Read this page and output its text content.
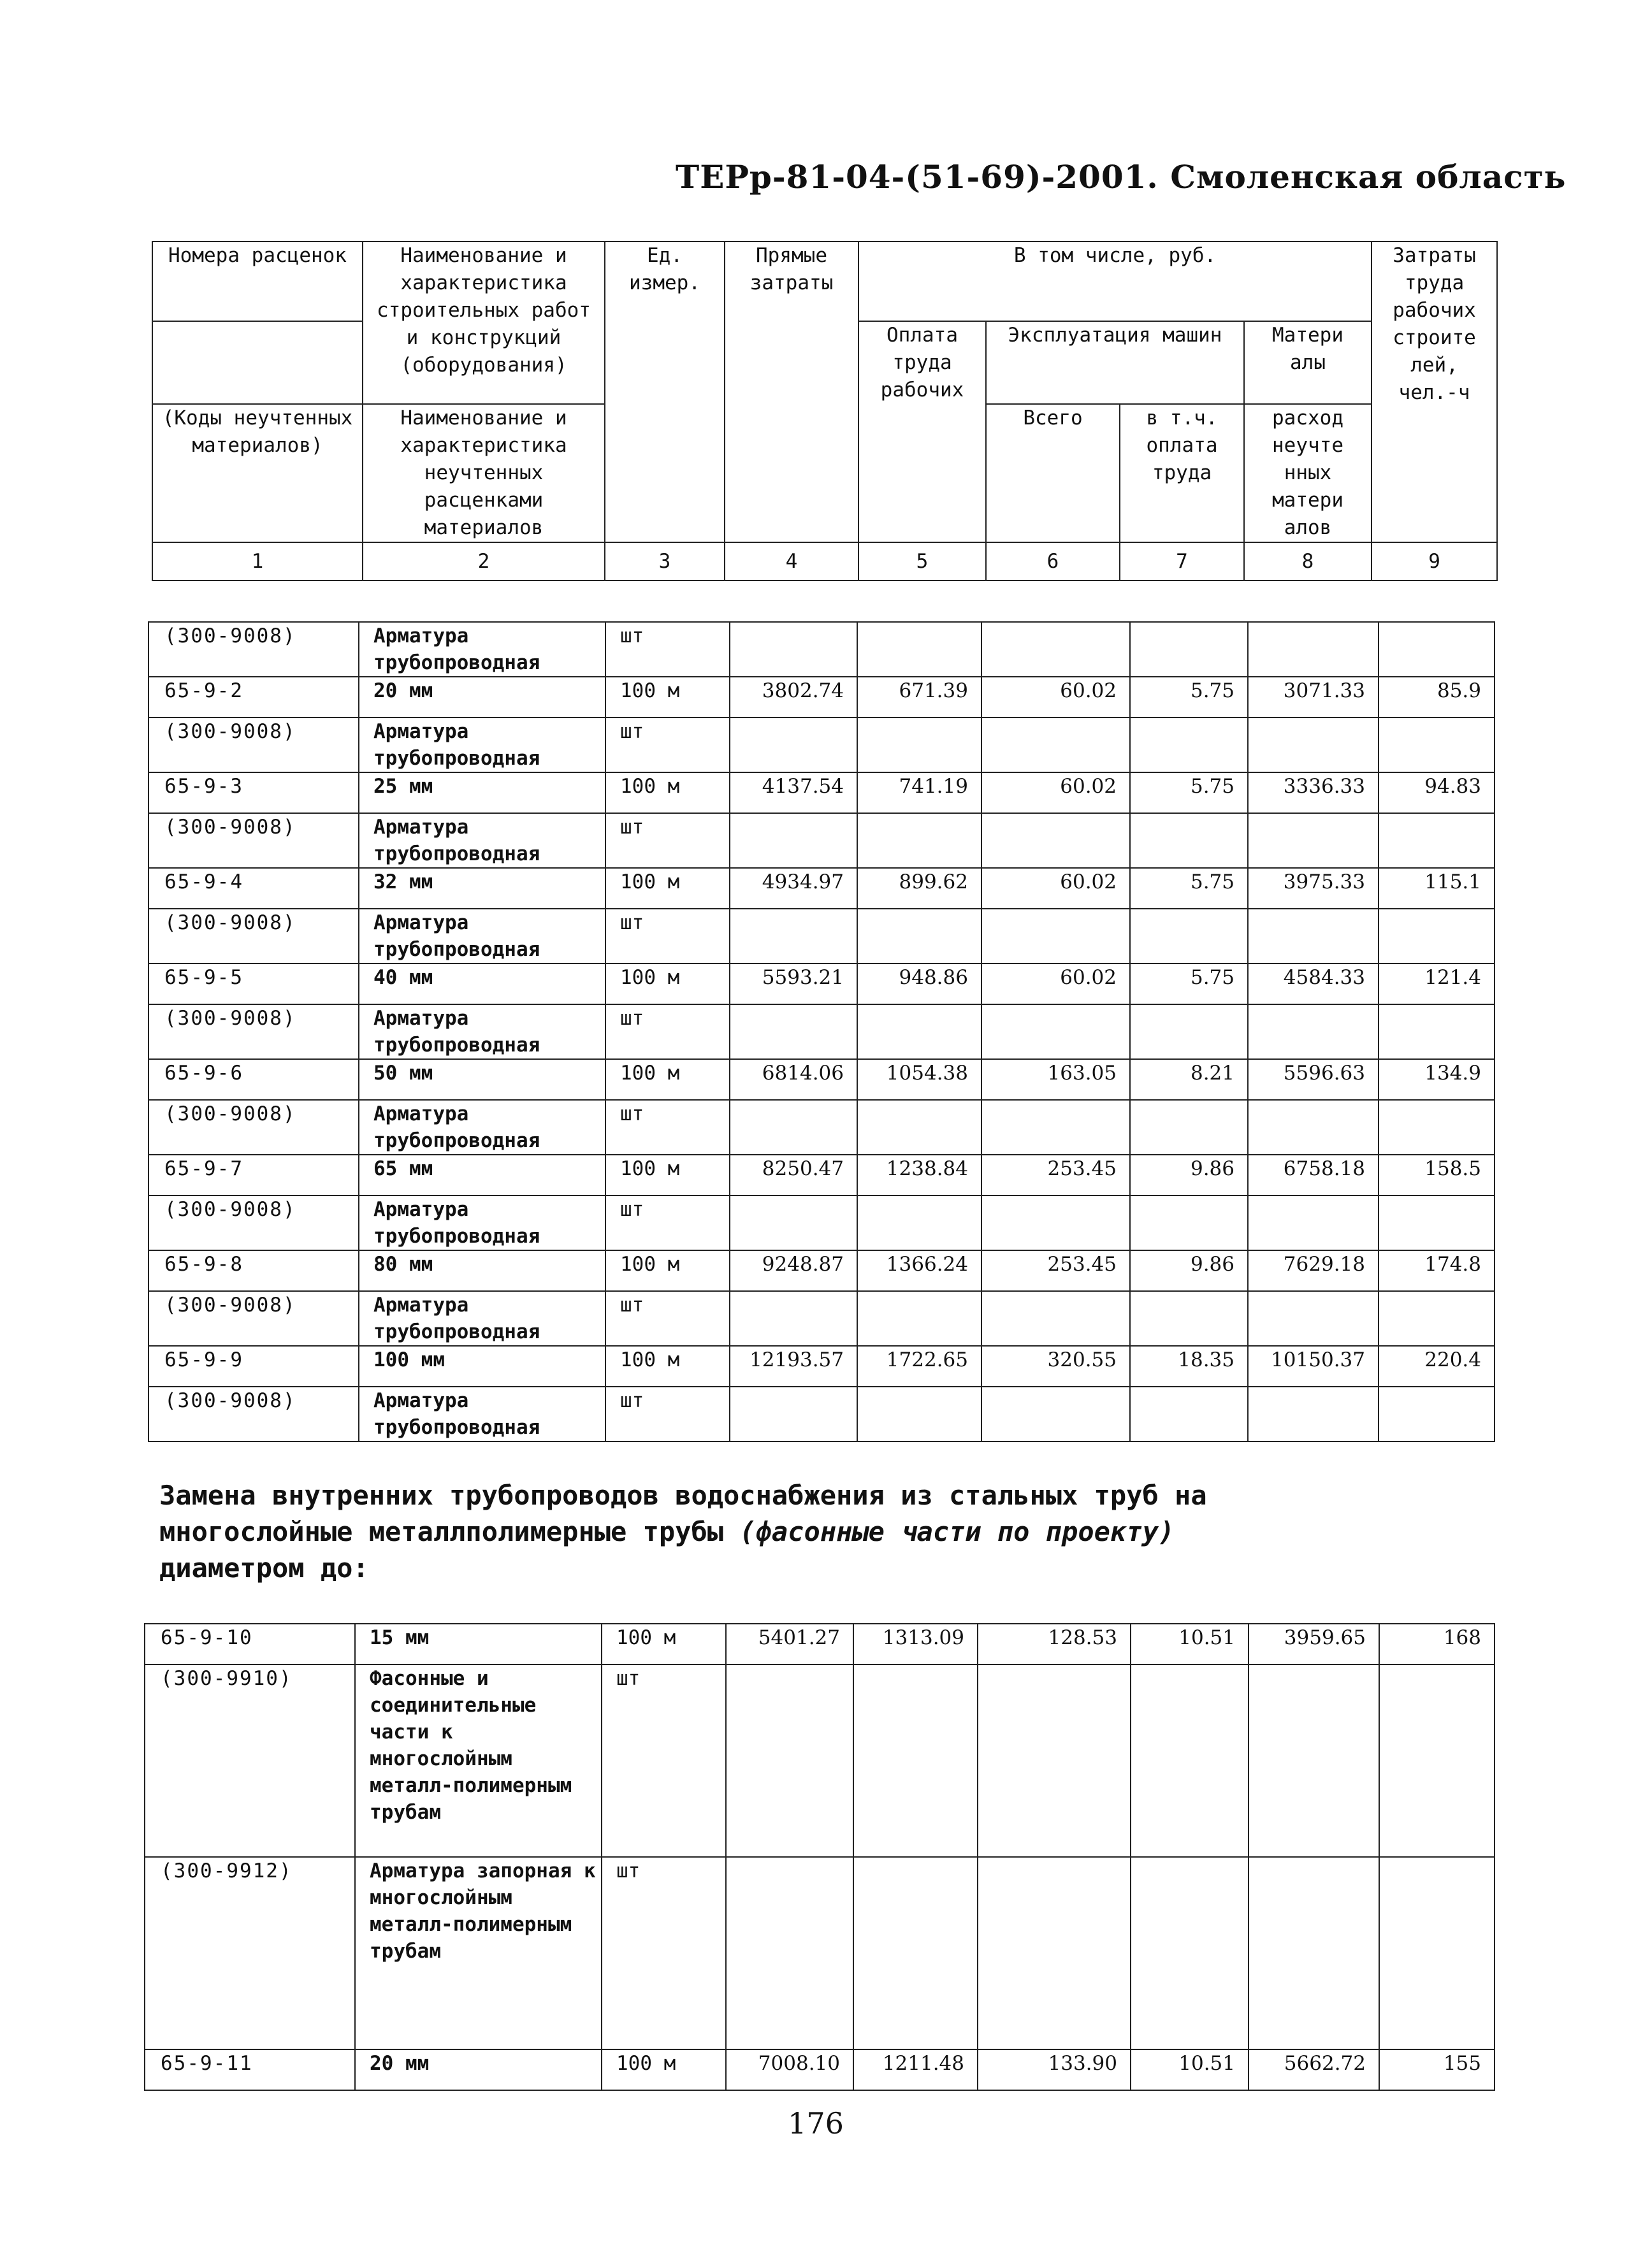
ТЕРр-81-04-(51-69)-2001. Смоленская область
Номера расценок	Наименование и характеристика строительных работ и конструкций (оборудования)	Ед. измер.	Прямые затраты	В том числе, руб.				Затраты труда рабочих строите лей, чел.-ч
				Оплата труда рабочих	Эксплуатация машин		Матери алы	
(Коды неучтенных материалов)	Наименование и характеристика неучтенных расценками материалов				Всего	в т.ч. оплата труда	расход неучте нных матери алов	
1	2	3	4	5	6	7	8	9
(300-9008)	Арматура трубопроводная	шт						
65-9-2	20 мм	100 м	3802.74	671.39	60.02	5.75	3071.33	85.9
(300-9008)	Арматура трубопроводная	шт						
65-9-3	25 мм	100 м	4137.54	741.19	60.02	5.75	3336.33	94.83
(300-9008)	Арматура трубопроводная	шт						
65-9-4	32 мм	100 м	4934.97	899.62	60.02	5.75	3975.33	115.1
(300-9008)	Арматура трубопроводная	шт						
65-9-5	40 мм	100 м	5593.21	948.86	60.02	5.75	4584.33	121.4
(300-9008)	Арматура трубопроводная	шт						
65-9-6	50 мм	100 м	6814.06	1054.38	163.05	8.21	5596.63	134.9
(300-9008)	Арматура трубопроводная	шт						
65-9-7	65 мм	100 м	8250.47	1238.84	253.45	9.86	6758.18	158.5
(300-9008)	Арматура трубопроводная	шт						
65-9-8	80 мм	100 м	9248.87	1366.24	253.45	9.86	7629.18	174.8
(300-9008)	Арматура трубопроводная	шт						
65-9-9	100 мм	100 м	12193.57	1722.65	320.55	18.35	10150.37	220.4
(300-9008)	Арматура трубопроводная	шт						
Замена внутренних трубопроводов водоснабжения из стальных труб на
многослойные металлполимерные трубы (фасонные части по проекту)
диаметром до:
65-9-10	15 мм	100 м	5401.27	1313.09	128.53	10.51	3959.65	168
(300-9910)	Фасонные и соединительные части к многослойным металл-полимерным трубам	шт						
(300-9912)	Арматура запорная к многослойным металл-полимерным трубам	шт						
65-9-11	20 мм	100 м	7008.10	1211.48	133.90	10.51	5662.72	155
176
